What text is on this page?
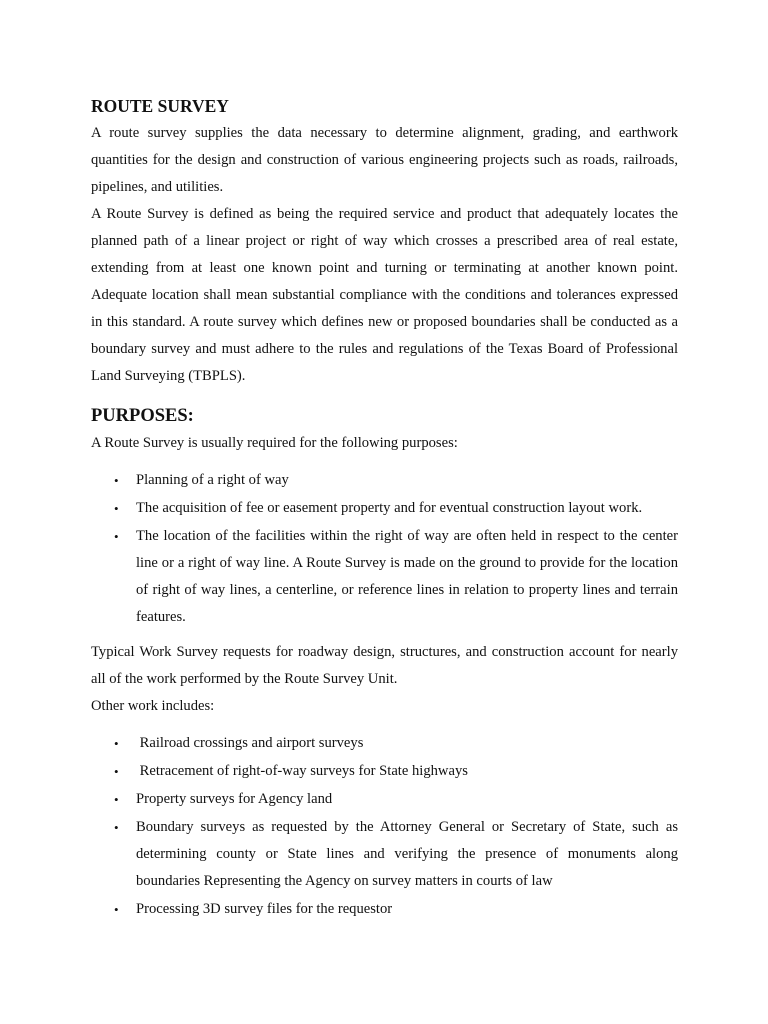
ROUTE SURVEY

A route survey supplies the data necessary to determine alignment, grading, and earthwork quantities for the design and construction of various engineering projects such as roads, railroads, pipelines, and utilities.

A Route Survey is defined as being the required service and product that adequately locates the planned path of a linear project or right of way which crosses a prescribed area of real estate, extending from at least one known point and turning or terminating at another known point. Adequate location shall mean substantial compliance with the conditions and tolerances expressed in this standard. A route survey which defines new or proposed boundaries shall be conducted as a boundary survey and must adhere to the rules and regulations of the Texas Board of Professional Land Surveying (TBPLS).

PURPOSES:

A Route Survey is usually required for the following purposes:

• Planning of a right of way
• The acquisition of fee or easement property and for eventual construction layout work.
• The location of the facilities within the right of way are often held in respect to the center line or a right of way line. A Route Survey is made on the ground to provide for the location of right of way lines, a centerline, or reference lines in relation to property lines and terrain features.

Typical Work Survey requests for roadway design, structures, and construction account for nearly all of the work performed by the Route Survey Unit.

Other work includes:

• Railroad crossings and airport surveys
• Retracement of right-of-way surveys for State highways
• Property surveys for Agency land
• Boundary surveys as requested by the Attorney General or Secretary of State, such as determining county or State lines and verifying the presence of monuments along boundaries Representing the Agency on survey matters in courts of law
• Processing 3D survey files for the requestor
